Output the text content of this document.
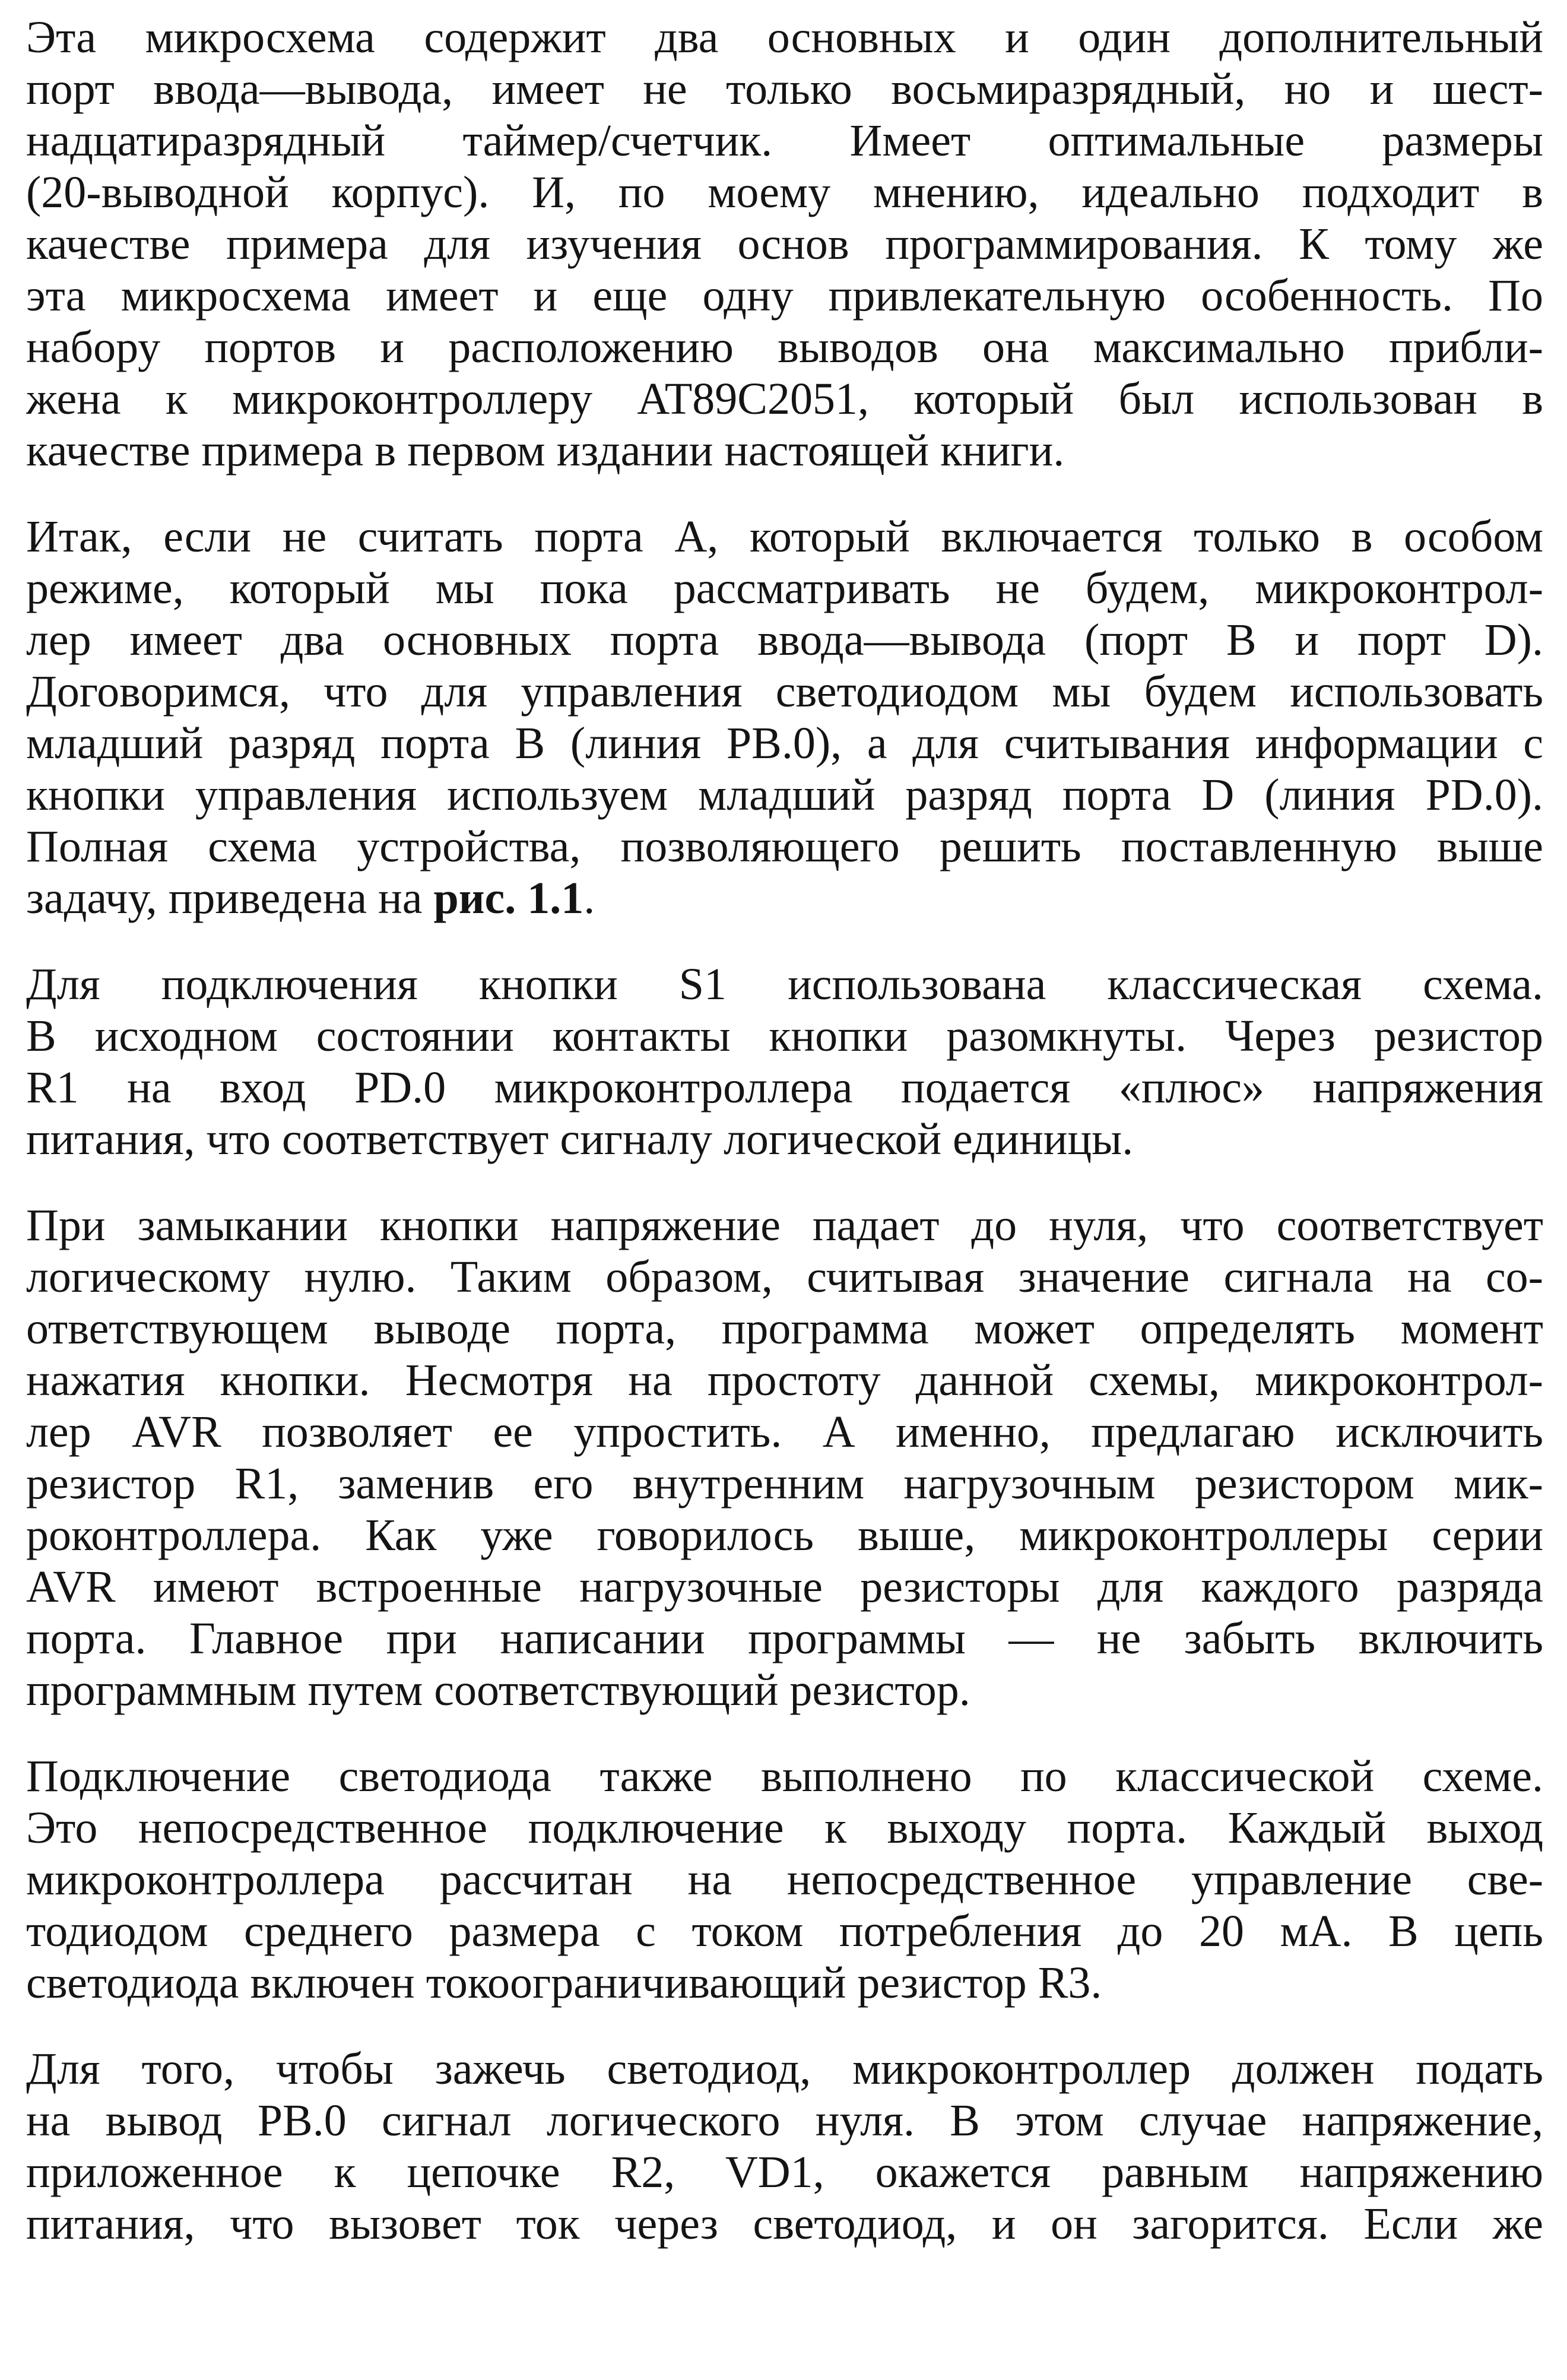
Эта микросхема содержит два основных и один дополнительный
порт ввода—вывода, имеет не только восьмиразрядный, но и шест-
надцатиразрядный таймер/счетчик. Имеет оптимальные размеры
(20-выводной корпус). И, по моему мнению, идеально подходит в
качестве примера для изучения основ программирования. К тому же
эта микросхема имеет и еще одну привлекательную особенность. По
набору портов и расположению выводов она максимально прибли-
жена к микроконтроллеру AT89C2051, который был использован в
качестве примера в первом издании настоящей книги.
Итак, если не считать порта А, который включается только в особом
режиме, который мы пока рассматривать не будем, микроконтрол-
лер имеет два основных порта ввода—вывода (порт В и порт D).
Договоримся, что для управления светодиодом мы будем использовать
младший разряд порта В (линия PB.0), а для считывания информации с
кнопки управления используем младший разряд порта D (линия PD.0).
Полная схема устройства, позволяющего решить поставленную выше
задачу, приведена на рис. 1.1.
Для подключения кнопки S1 использована классическая схема.
В исходном состоянии контакты кнопки разомкнуты. Через резистор
R1 на вход PD.0 микроконтроллера подается «плюс» напряжения
питания, что соответствует сигналу логической единицы.
При замыкании кнопки напряжение падает до нуля, что соответствует
логическому нулю. Таким образом, считывая значение сигнала на со-
ответствующем выводе порта, программа может определять момент
нажатия кнопки. Несмотря на простоту данной схемы, микроконтрол-
лер AVR позволяет ее упростить. А именно, предлагаю исключить
резистор R1, заменив его внутренним нагрузочным резистором мик-
роконтроллера. Как уже говорилось выше, микроконтроллеры серии
AVR имеют встроенные нагрузочные резисторы для каждого разряда
порта. Главное при написании программы — не забыть включить
программным путем соответствующий резистор.
Подключение светодиода также выполнено по классической схеме.
Это непосредственное подключение к выходу порта. Каждый выход
микроконтроллера рассчитан на непосредственное управление све-
тодиодом среднего размера с током потребления до 20 мА. В цепь
светодиода включен токоограничивающий резистор R3.
Для того, чтобы зажечь светодиод, микроконтроллер должен подать
на вывод PB.0 сигнал логического нуля. В этом случае напряжение,
приложенное к цепочке R2, VD1, окажется равным напряжению
питания, что вызовет ток через светодиод, и он загорится. Если же
